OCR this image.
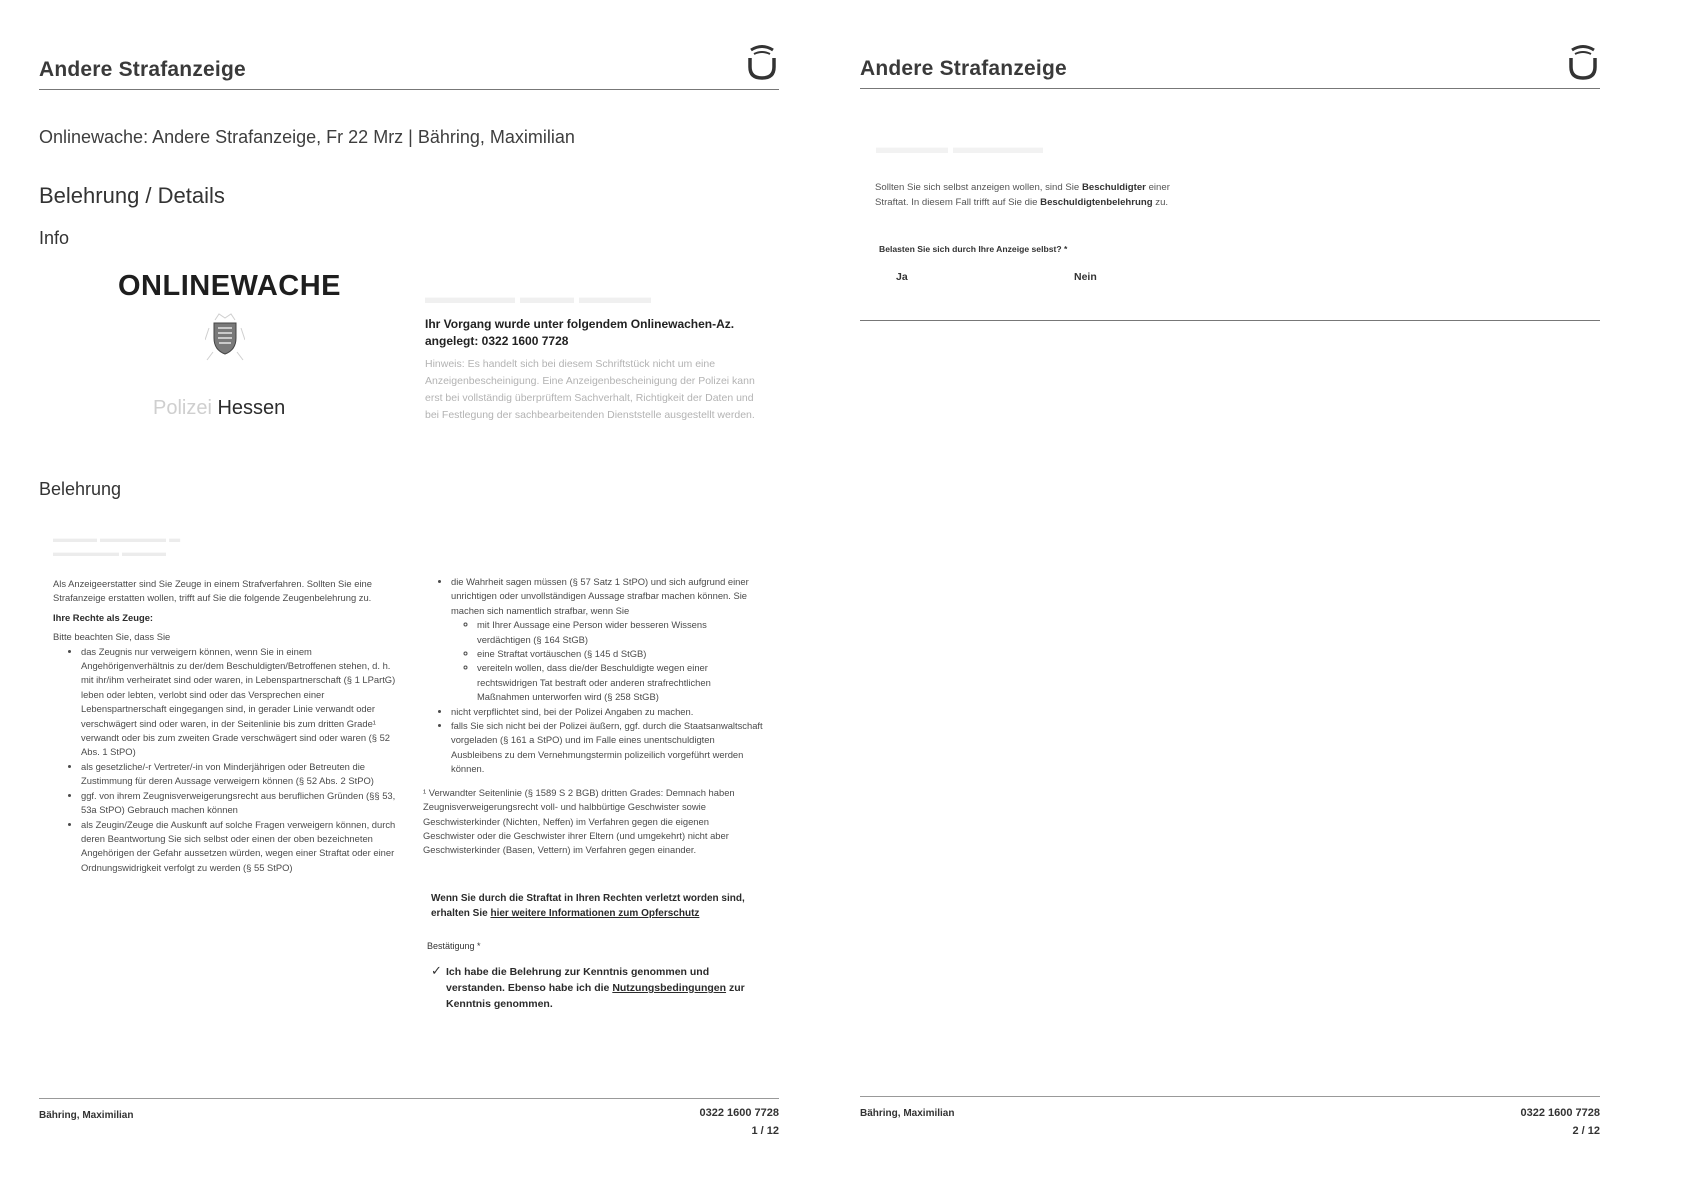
Andere Strafanzeige
Onlinewache: Andere Strafanzeige, Fr 22 Mrz | Bähring, Maximilian
Belehrung / Details
Info
ONLINEWACHE
Polizei Hessen
▬▬▬▬▬ ▬▬▬ ▬▬▬▬
Ihr Vorgang wurde unter folgendem Onlinewachen-Az. angelegt: 0322 1600 7728
Hinweis: Es handelt sich bei diesem Schriftstück nicht um eine Anzeigenbescheinigung. Eine Anzeigenbescheinigung der Polizei kann erst bei vollständig überprüftem Sachverhalt, Richtigkeit der Daten und bei Festlegung der sachbearbeitenden Dienststelle ausgestellt werden.
Belehrung
▬▬▬▬ ▬▬▬▬▬▬ ▬
▬▬▬▬▬▬ ▬▬▬▬
Als Anzeigeerstatter sind Sie Zeuge in einem Strafverfahren. Sollten Sie eine Strafanzeige erstatten wollen, trifft auf Sie die folgende Zeugenbelehrung zu.
Ihre Rechte als Zeuge:
Bitte beachten Sie, dass Sie
• das Zeugnis nur verweigern können, wenn Sie in einem Angehörigenverhältnis zu der/dem Beschuldigten/Betroffenen stehen, d. h. mit ihr/ihm verheiratet sind oder waren, in Lebenspartnerschaft (§ 1 LPartG) leben oder lebten, verlobt sind oder das Versprechen einer Lebenspartnerschaft eingegangen sind, in gerader Linie verwandt oder verschwägert sind oder waren, in der Seitenlinie bis zum dritten Grade¹ verwandt oder bis zum zweiten Grade verschwägert sind oder waren (§ 52 Abs. 1 StPO)
• als gesetzliche/-r Vertreter/-in von Minderjährigen oder Betreuten die Zustimmung für deren Aussage verweigern können (§ 52 Abs. 2 StPO)
• ggf. von ihrem Zeugnisverweigerungsrecht aus beruflichen Gründen (§§ 53, 53a StPO) Gebrauch machen können
• als Zeugin/Zeuge die Auskunft auf solche Fragen verweigern können, durch deren Beantwortung Sie sich selbst oder einen der oben bezeichneten Angehörigen der Gefahr aussetzen würden, wegen einer Straftat oder einer Ordnungswidrigkeit verfolgt zu werden (§ 55 StPO)
• die Wahrheit sagen müssen (§ 57 Satz 1 StPO) und sich aufgrund einer unrichtigen oder unvollständigen Aussage strafbar machen können. Sie machen sich namentlich strafbar, wenn Sie
◦ mit Ihrer Aussage eine Person wider besseren Wissens verdächtigen (§ 164 StGB)
◦ eine Straftat vortäuschen (§ 145 d StGB)
◦ vereiteln wollen, dass die/der Beschuldigte wegen einer rechtswidrigen Tat bestraft oder anderen strafrechtlichen Maßnahmen unterworfen wird (§ 258 StGB)
• nicht verpflichtet sind, bei der Polizei Angaben zu machen.
• falls Sie sich nicht bei der Polizei äußern, ggf. durch die Staatsanwaltschaft vorgeladen (§ 161 a StPO) und im Falle eines unentschuldigten Ausbleibens zu dem Vernehmungstermin polizeilich vorgeführt werden können.
¹ Verwandter Seitenlinie (§ 1589 S 2 BGB) dritten Grades: Demnach haben Zeugnisverweigerungsrecht voll- und halbbürtige Geschwister sowie Geschwisterkinder (Nichten, Neffen) im Verfahren gegen die eigenen Geschwister oder die Geschwister ihrer Eltern (und umgekehrt) nicht aber Geschwisterkinder (Basen, Vettern) im Verfahren gegen einander.
Wenn Sie durch die Straftat in Ihren Rechten verletzt worden sind, erhalten Sie hier weitere Informationen zum Opferschutz
Bestätigung *
✓ Ich habe die Belehrung zur Kenntnis genommen und verstanden. Ebenso habe ich die Nutzungsbedingungen zur Kenntnis genommen.
Bähring, Maximilian	0322 1600 7728
1 / 12
Andere Strafanzeige
▬▬▬▬ ▬▬▬▬▬
Sollten Sie sich selbst anzeigen wollen, sind Sie Beschuldigter einer Straftat. In diesem Fall trifft auf Sie die Beschuldigtenbelehrung zu.
Belasten Sie sich durch Ihre Anzeige selbst? *
Ja	Nein
Bähring, Maximilian	0322 1600 7728
2 / 12
